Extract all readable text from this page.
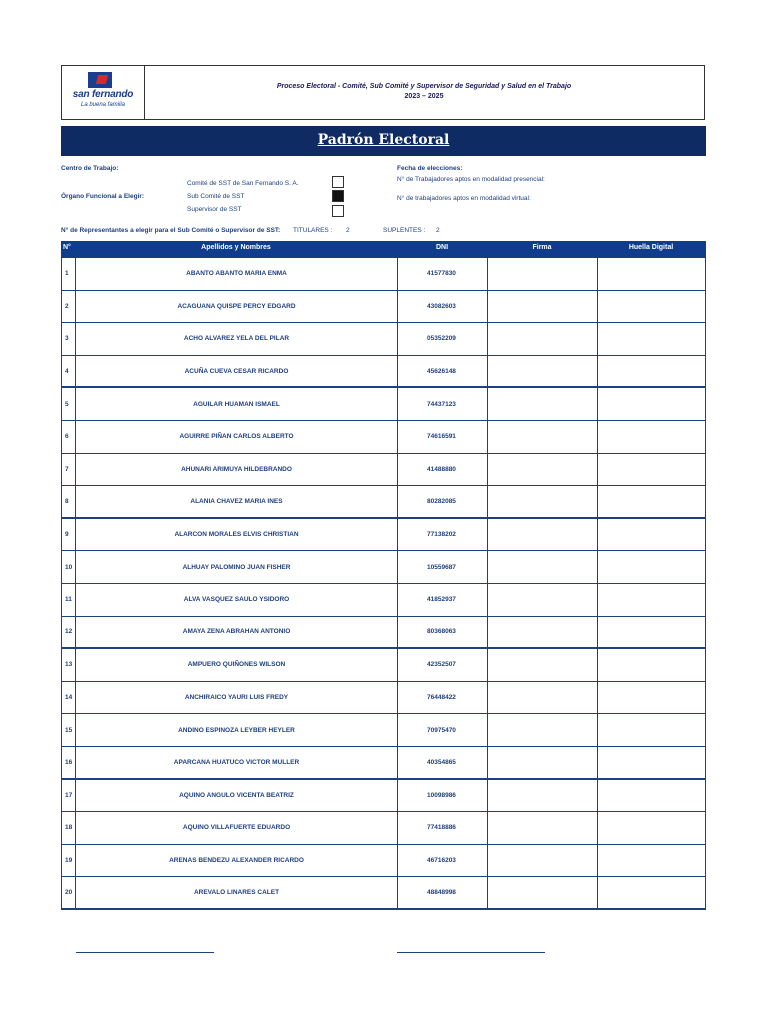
san fernando
La buena familia
Proceso Electoral - Comité, Sub Comité y Supervisor de Seguridad y Salud en el Trabajo
2023 – 2025
Padrón Electoral
Centro de Trabajo:
Órgano Funcional a Elegir:
Comité de SST de San Fernando S. A.
Sub Comité de SST
Supervisor de SST
Fecha de elecciones:
N° de Trabajadores aptos en modalidad presencial:
N° de trabajadores aptos en modalidad virtual:
N° de Representantes a elegir para el Sub Comité o Supervisor de SST: TITULARES : 2	SUPLENTES : 2
N°	Apellidos y Nombres	DNI	Firma	Huella Digital
1	ABANTO ABANTO MARIA ENMA	41577830
2	ACAGUANA QUISPE PERCY EDGARD	43082603
3	ACHO ALVAREZ YELA DEL PILAR	05352209
4	ACUÑA CUEVA CESAR RICARDO	45626148
5	AGUILAR HUAMAN ISMAEL	74437123
6	AGUIRRE PIÑAN CARLOS ALBERTO	74616591
7	AHUNARI ARIMUYA HILDEBRANDO	41488880
8	ALANIA CHAVEZ MARIA INES	80282085
9	ALARCON MORALES ELVIS CHRISTIAN	77138202
10	ALHUAY PALOMINO JUAN FISHER	10559687
11	ALVA VASQUEZ SAULO YSIDORO	41852937
12	AMAYA ZENA ABRAHAN ANTONIO	80368063
13	AMPUERO QUIÑONES WILSON	42352507
14	ANCHIRAICO YAURI LUIS FREDY	76448422
15	ANDINO ESPINOZA LEYBER HEYLER	70975470
16	APARCANA HUATUCO VICTOR MULLER	40354865
17	AQUINO ANGULO VICENTA BEATRIZ	10098986
18	AQUINO VILLAFUERTE EDUARDO	77418886
19	ARENAS BENDEZU ALEXANDER RICARDO	46716203
20	AREVALO LINARES CALET	48848998
